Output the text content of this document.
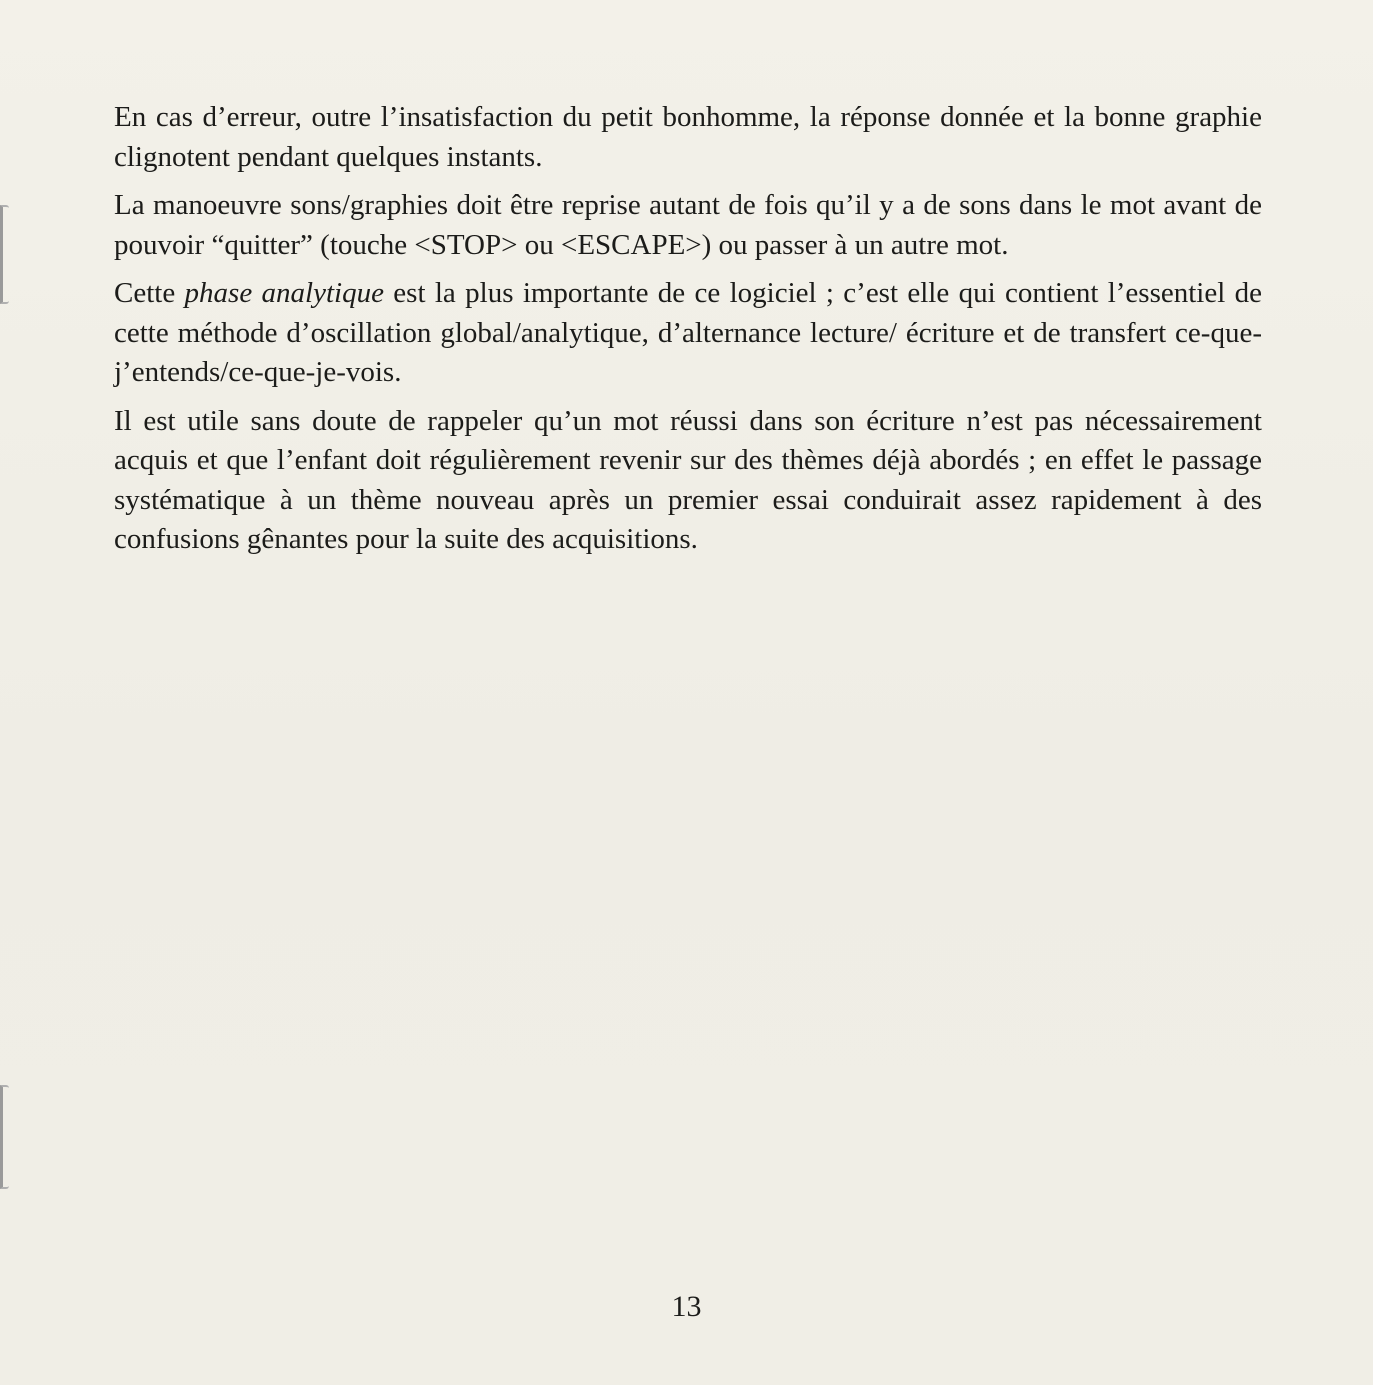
En cas d’erreur, outre l’insatisfaction du petit bonhomme, la réponse donnée et la bonne graphie clignotent pendant quelques instants.

La manoeuvre sons/graphies doit être reprise autant de fois qu’il y a de sons dans le mot avant de pouvoir “quitter” (touche <STOP> ou <ESCAPE>) ou passer à un autre mot.

Cette phase analytique est la plus importante de ce logiciel ; c’est elle qui contient l’essentiel de cette méthode d’oscillation global/analytique, d’alternance lecture/ écriture et de transfert ce-que-j’entends/ce-que-je-vois.

Il est utile sans doute de rappeler qu’un mot réussi dans son écriture n’est pas nécessairement acquis et que l’enfant doit régulièrement revenir sur des thèmes déjà abordés ; en effet le passage systématique à un thème nouveau après un premier essai conduirait assez rapidement à des confusions gênantes pour la suite des acquisitions.

13
